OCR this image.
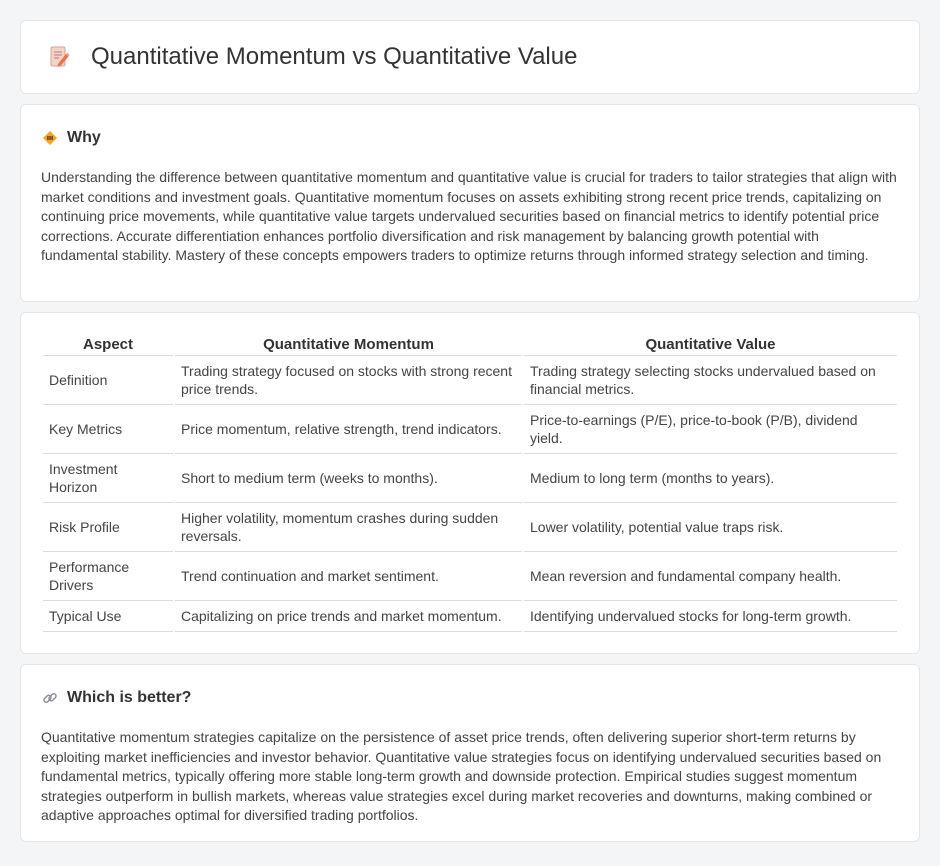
Quantitative Momentum vs Quantitative Value
Why

Understanding the difference between quantitative momentum and quantitative value is crucial for traders to tailor strategies that align with market conditions and investment goals. Quantitative momentum focuses on assets exhibiting strong recent price trends, capitalizing on continuing price movements, while quantitative value targets undervalued securities based on financial metrics to identify potential price corrections. Accurate differentiation enhances portfolio diversification and risk management by balancing growth potential with fundamental stability. Mastery of these concepts empowers traders to optimize returns through informed strategy selection and timing.

Aspect	Quantitative Momentum	Quantitative Value
Definition	Trading strategy focused on stocks with strong recent price trends.	Trading strategy selecting stocks undervalued based on financial metrics.
Key Metrics	Price momentum, relative strength, trend indicators.	Price-to-earnings (P/E), price-to-book (P/B), dividend yield.
Investment Horizon	Short to medium term (weeks to months).	Medium to long term (months to years).
Risk Profile	Higher volatility, momentum crashes during sudden reversals.	Lower volatility, potential value traps risk.
Performance Drivers	Trend continuation and market sentiment.	Mean reversion and fundamental company health.
Typical Use	Capitalizing on price trends and market momentum.	Identifying undervalued stocks for long-term growth.
Which is better?

Quantitative momentum strategies capitalize on the persistence of asset price trends, often delivering superior short-term returns by exploiting market inefficiencies and investor behavior. Quantitative value strategies focus on identifying undervalued securities based on fundamental metrics, typically offering more stable long-term growth and downside protection. Empirical studies suggest momentum strategies outperform in bullish markets, whereas value strategies excel during market recoveries and downturns, making combined or adaptive approaches optimal for diversified trading portfolios.
